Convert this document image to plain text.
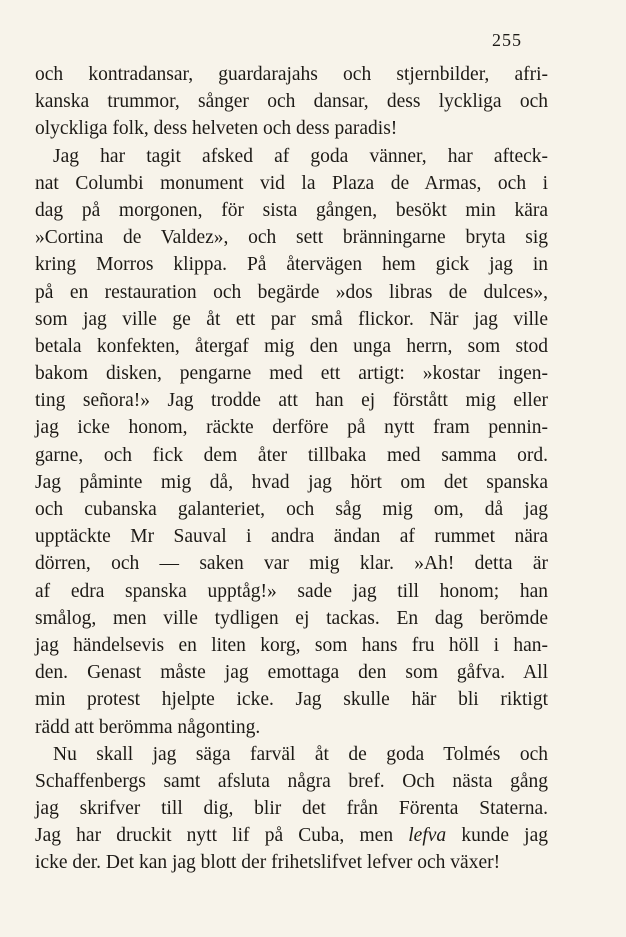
255
och kontradansar, guardarajahs och stjernbilder, afri-
kanska trummor, sånger och dansar, dess lyckliga och
olyckliga folk, dess helveten och dess paradis!
Jag har tagit afsked af goda vänner, har afteck-
nat Columbi monument vid la Plaza de Armas, och i
dag på morgonen, för sista gången, besökt min kära
»Cortina de Valdez», och sett bränningarne bryta sig
kring Morros klippa. På återvägen hem gick jag in
på en restauration och begärde »dos libras de dulces»,
som jag ville ge åt ett par små flickor. När jag ville
betala konfekten, återgaf mig den unga herrn, som stod
bakom disken, pengarne med ett artigt: »kostar ingen-
ting señora!» Jag trodde att han ej förstått mig eller
jag icke honom, räckte derföre på nytt fram pennin-
garne, och fick dem åter tillbaka med samma ord.
Jag påminte mig då, hvad jag hört om det spanska
och cubanska galanteriet, och såg mig om, då jag
upptäckte Mr Sauval i andra ändan af rummet nära
dörren, och — saken var mig klar. »Ah! detta är
af edra spanska upptåg!» sade jag till honom; han
smålog, men ville tydligen ej tackas. En dag berömde
jag händelsevis en liten korg, som hans fru höll i han-
den. Genast måste jag emottaga den som gåfva. All
min protest hjelpte icke. Jag skulle här bli riktigt
rädd att berömma någonting.
Nu skall jag säga farväl åt de goda Tolmés och
Schaffenbergs samt afsluta några bref. Och nästa gång
jag skrifver till dig, blir det från Förenta Staterna.
Jag har druckit nytt lif på Cuba, men lefva kunde jag
icke der. Det kan jag blott der frihetslifvet lefver och växer!
